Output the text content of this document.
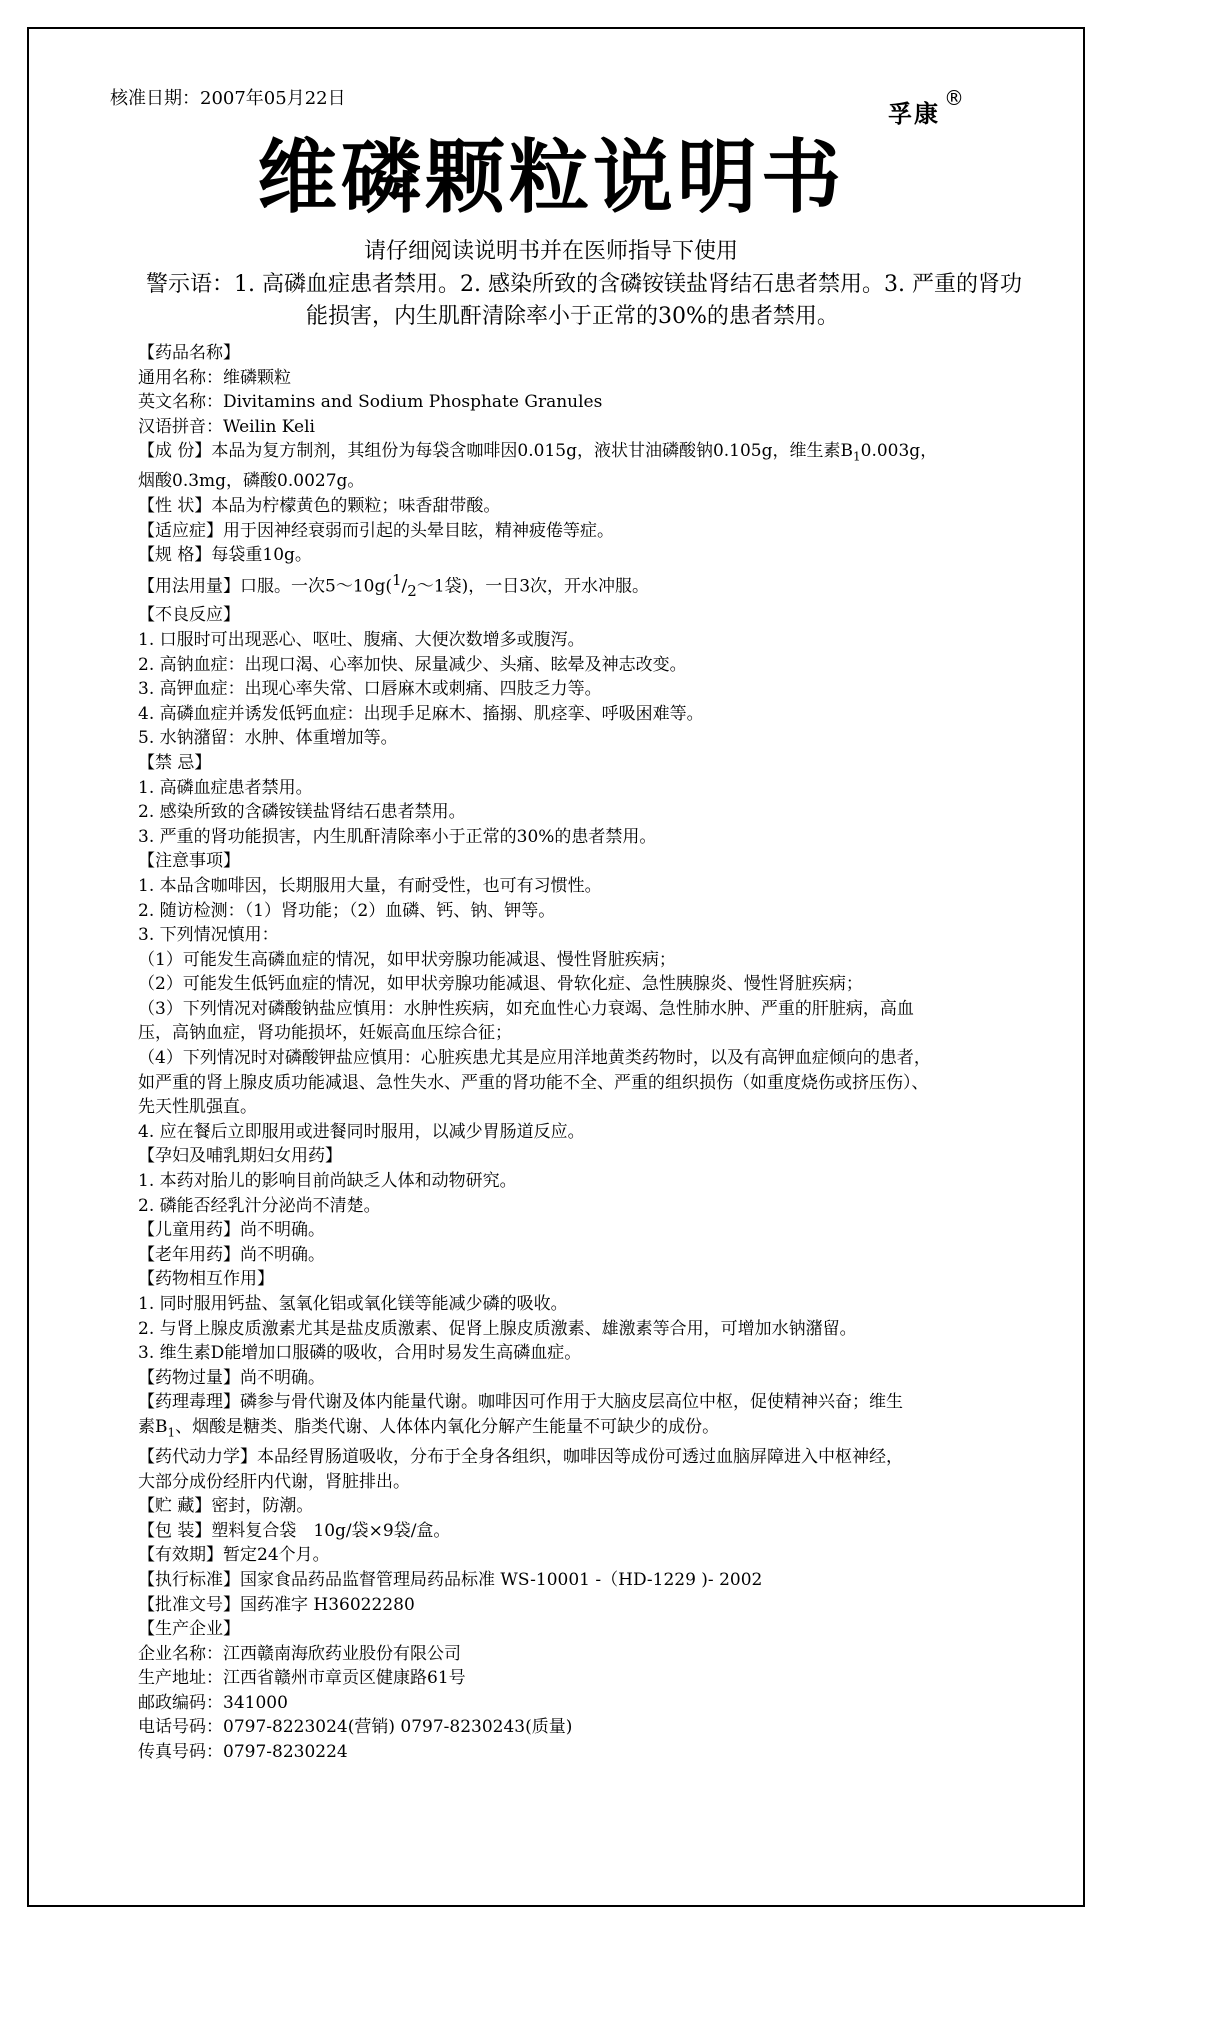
核准日期：2007年05月22日
孚康®
维磷颗粒说明书
请仔细阅读说明书并在医师指导下使用
警示语：1. 高磷血症患者禁用。2. 感染所致的含磷铵镁盐肾结石患者禁用。3. 严重的肾功
能损害，内生肌酐清除率小于正常的30%的患者禁用。
【药品名称】
通用名称：维磷颗粒
英文名称：Divitamins and Sodium Phosphate Granules
汉语拼音：Weilin Keli
【成 份】本品为复方制剂，其组份为每袋含咖啡因0.015g，液状甘油磷酸钠0.105g，维生素$B_10.003g$，
烟酸0.3mg，磷酸0.0027g。
【性 状】本品为柠檬黄色的颗粒；味香甜带酸。
【适应症】用于因神经衰弱而引起的头晕目眩，精神疲倦等症。
【规 格】每袋重10g。
【用法用量】口服。一次$5\sim 10g(^1/_2\sim 1$袋)，一日3次，开水冲服。
【不良反应】
1. 口服时可出现恶心、呕吐、腹痛、大便次数增多或腹泻。
2. 高钠血症：出现口渴、心率加快、尿量减少、头痛、眩晕及神志改变。
3. 高钾血症：出现心率失常、口唇麻木或刺痛、四肢乏力等。
4. 高磷血症并诱发低钙血症：出现手足麻木、搐搦、肌痉挛、呼吸困难等。
5. 水钠潴留：水肿、体重增加等。
【禁 忌】
1. 高磷血症患者禁用。
2. 感染所致的含磷铵镁盐肾结石患者禁用。
3. 严重的肾功能损害，内生肌酐清除率小于正常的30%的患者禁用。
【注意事项】
1. 本品含咖啡因，长期服用大量，有耐受性，也可有习惯性。
2. 随访检测：（1）肾功能；（2）血磷、钙、钠、钾等。
3. 下列情况慎用：
（1）可能发生高磷血症的情况，如甲状旁腺功能减退、慢性肾脏疾病；
（2）可能发生低钙血症的情况，如甲状旁腺功能减退、骨软化症、急性胰腺炎、慢性肾脏疾病；
（3）下列情况对磷酸钠盐应慎用：水肿性疾病，如充血性心力衰竭、急性肺水肿、严重的肝脏病，高血
压，高钠血症，肾功能损坏，妊娠高血压综合征；
（4）下列情况时对磷酸钾盐应慎用：心脏疾患尤其是应用洋地黄类药物时，以及有高钾血症倾向的患者，
如严重的肾上腺皮质功能减退、急性失水、严重的肾功能不全、严重的组织损伤（如重度烧伤或挤压伤）、
先天性肌强直。
4. 应在餐后立即服用或进餐同时服用，以减少胃肠道反应。
【孕妇及哺乳期妇女用药】
1. 本药对胎儿的影响目前尚缺乏人体和动物研究。
2. 磷能否经乳汁分泌尚不清楚。
【儿童用药】尚不明确。
【老年用药】尚不明确。
【药物相互作用】
1. 同时服用钙盐、氢氧化铝或氧化镁等能减少磷的吸收。
2. 与肾上腺皮质激素尤其是盐皮质激素、促肾上腺皮质激素、雄激素等合用，可增加水钠潴留。
3. 维生素D能增加口服磷的吸收，合用时易发生高磷血症。
【药物过量】尚不明确。
【药理毒理】磷参与骨代谢及体内能量代谢。咖啡因可作用于大脑皮层高位中枢，促使精神兴奋；维生
素$B_1$、烟酸是糖类、脂类代谢、人体体内氧化分解产生能量不可缺少的成份。
【药代动力学】本品经胃肠道吸收，分布于全身各组织，咖啡因等成份可透过血脑屏障进入中枢神经，
大部分成份经肝内代谢，肾脏排出。
【贮 藏】密封，防潮。
【包 装】塑料复合袋　10g/袋×9袋/盒。
【有效期】暂定24个月。
【执行标准】国家食品药品监督管理局药品标准 WS-10001 -（HD-1229 )- 2002
【批准文号】国药准字 H36022280
【生产企业】
企业名称：江西赣南海欣药业股份有限公司
生产地址：江西省赣州市章贡区健康路61号
邮政编码：341000
电话号码：0797-8223024(营销) 0797-8230243(质量)
传真号码：0797-8230224
